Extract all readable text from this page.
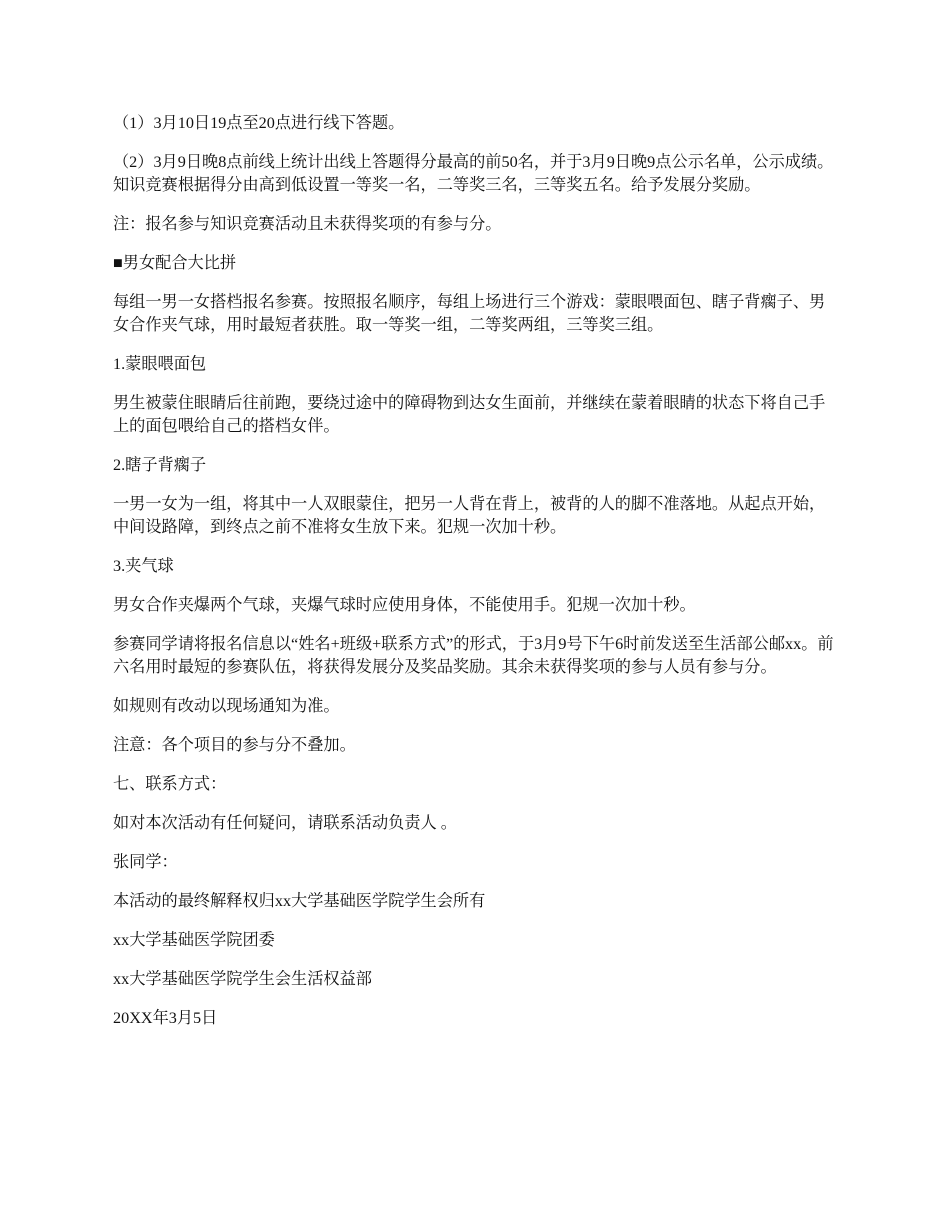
（1）3月10日19点至20点进行线下答题。

（2）3月9日晚8点前线上统计出线上答题得分最高的前50名，并于3月9日晚9点公示名单，公示成绩。知识竞赛根据得分由高到低设置一等奖一名，二等奖三名，三等奖五名。给予发展分奖励。

注：报名参与知识竞赛活动且未获得奖项的有参与分。

■男女配合大比拼

每组一男一女搭档报名参赛。按照报名顺序，每组上场进行三个游戏：蒙眼喂面包、瞎子背瘸子、男女合作夹气球，用时最短者获胜。取一等奖一组，二等奖两组，三等奖三组。

1.蒙眼喂面包

男生被蒙住眼睛后往前跑，要绕过途中的障碍物到达女生面前，并继续在蒙着眼睛的状态下将自己手上的面包喂给自己的搭档女伴。

2.瞎子背瘸子

一男一女为一组，将其中一人双眼蒙住，把另一人背在背上，被背的人的脚不准落地。从起点开始，中间设路障，到终点之前不准将女生放下来。犯规一次加十秒。

3.夹气球

男女合作夹爆两个气球，夹爆气球时应使用身体，不能使用手。犯规一次加十秒。

参赛同学请将报名信息以“姓名+班级+联系方式”的形式，于3月9号下午6时前发送至生活部公邮xx。前六名用时最短的参赛队伍，将获得发展分及奖品奖励。其余未获得奖项的参与人员有参与分。

如规则有改动以现场通知为准。

注意：各个项目的参与分不叠加。

七、联系方式：

如对本次活动有任何疑问，请联系活动负责人 。

张同学：

本活动的最终解释权归xx大学基础医学院学生会所有

xx大学基础医学院团委

xx大学基础医学院学生会生活权益部

20XX年3月5日
